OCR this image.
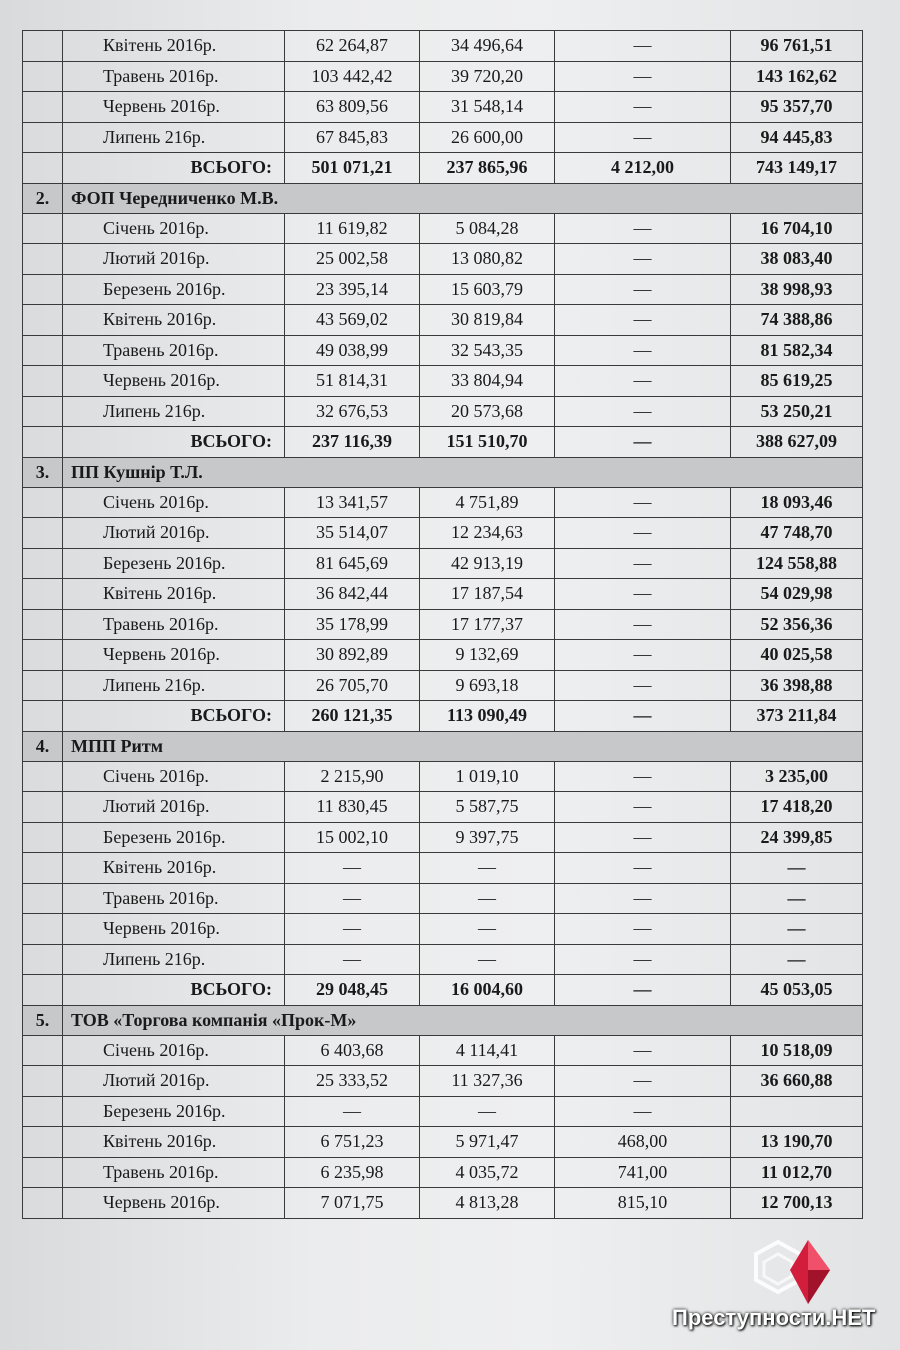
	Квітень 2016р.	62 264,87	34 496,64	—	96 761,51
	Травень 2016р.	103 442,42	39 720,20	—	143 162,62
	Червень 2016р.	63 809,56	31 548,14	—	95 357,70
	Липень 216р.	67 845,83	26 600,00	—	94 445,83
	ВСЬОГО:	501 071,21	237 865,96	4 212,00	743 149,17
2.	ФОП Чередниченко М.В.				
	Січень 2016р.	11 619,82	5 084,28	—	16 704,10
	Лютий 2016р.	25 002,58	13 080,82	—	38 083,40
	Березень 2016р.	23 395,14	15 603,79	—	38 998,93
	Квітень 2016р.	43 569,02	30 819,84	—	74 388,86
	Травень 2016р.	49 038,99	32 543,35	—	81 582,34
	Червень 2016р.	51 814,31	33 804,94	—	85 619,25
	Липень 216р.	32 676,53	20 573,68	—	53 250,21
	ВСЬОГО:	237 116,39	151 510,70	—	388 627,09
3.	ПП Кушнір Т.Л.				
	Січень 2016р.	13 341,57	4 751,89	—	18 093,46
	Лютий 2016р.	35 514,07	12 234,63	—	47 748,70
	Березень 2016р.	81 645,69	42 913,19	—	124 558,88
	Квітень 2016р.	36 842,44	17 187,54	—	54 029,98
	Травень 2016р.	35 178,99	17 177,37	—	52 356,36
	Червень 2016р.	30 892,89	9 132,69	—	40 025,58
	Липень 216р.	26 705,70	9 693,18	—	36 398,88
	ВСЬОГО:	260 121,35	113 090,49	—	373 211,84
4.	МПП Ритм				
	Січень 2016р.	2 215,90	1 019,10	—	3 235,00
	Лютий 2016р.	11 830,45	5 587,75	—	17 418,20
	Березень 2016р.	15 002,10	9 397,75	—	24 399,85
	Квітень 2016р.	—	—	—	—
	Травень 2016р.	—	—	—	—
	Червень 2016р.	—	—	—	—
	Липень 216р.	—	—	—	—
	ВСЬОГО:	29 048,45	16 004,60	—	45 053,05
5.	ТОВ «Торгова компанія «Прок-М»				
	Січень 2016р.	6 403,68	4 114,41	—	10 518,09
	Лютий 2016р.	25 333,52	11 327,36	—	36 660,88
	Березень 2016р.	—	—	—	
	Квітень 2016р.	6 751,23	5 971,47	468,00	13 190,70
	Травень 2016р.	6 235,98	4 035,72	741,00	11 012,70
	Червень 2016р.	7 071,75	4 813,28	815,10	12 700,13
Преступности.НЕТ
